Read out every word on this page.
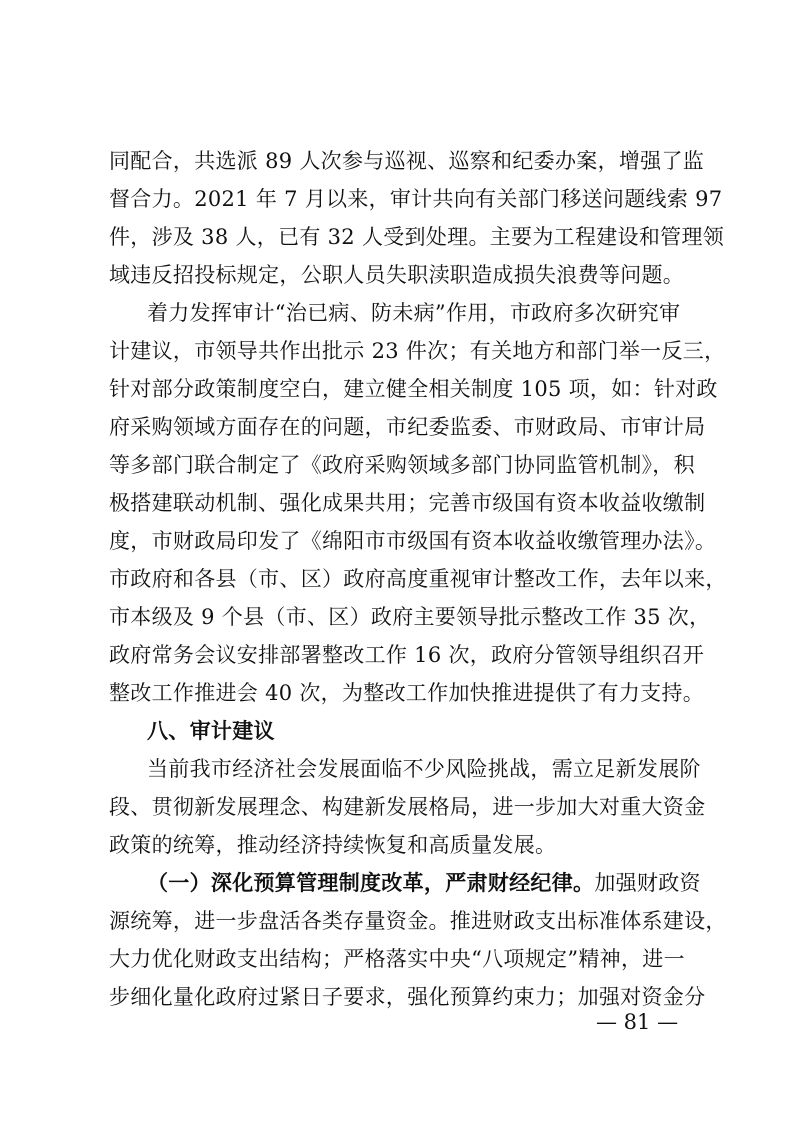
同配合，共选派 89 人次参与巡视、巡察和纪委办案，增强了监
督合力。2021 年 7 月以来，审计共向有关部门移送问题线索 97
件，涉及 38 人，已有 32 人受到处理。主要为工程建设和管理领
域违反招投标规定，公职人员失职渎职造成损失浪费等问题。
着力发挥审计“治已病、防未病”作用，市政府多次研究审
计建议，市领导共作出批示 23 件次；有关地方和部门举一反三，
针对部分政策制度空白，建立健全相关制度 105 项，如：针对政
府采购领域方面存在的问题，市纪委监委、市财政局、市审计局
等多部门联合制定了《政府采购领域多部门协同监管机制》，积
极搭建联动机制、强化成果共用；完善市级国有资本收益收缴制
度，市财政局印发了《绵阳市市级国有资本收益收缴管理办法》。
市政府和各县（市、区）政府高度重视审计整改工作，去年以来，
市本级及 9 个县（市、区）政府主要领导批示整改工作 35 次，
政府常务会议安排部署整改工作 16 次，政府分管领导组织召开
整改工作推进会 40 次，为整改工作加快推进提供了有力支持。
八、审计建议
当前我市经济社会发展面临不少风险挑战，需立足新发展阶
段、贯彻新发展理念、构建新发展格局，进一步加大对重大资金
政策的统筹，推动经济持续恢复和高质量发展。
（一）深化预算管理制度改革，严肃财经纪律。加强财政资
源统筹，进一步盘活各类存量资金。推进财政支出标准体系建设，
大力优化财政支出结构；严格落实中央“八项规定”精神，进一
步细化量化政府过紧日子要求，强化预算约束力；加强对资金分
— 81 —
